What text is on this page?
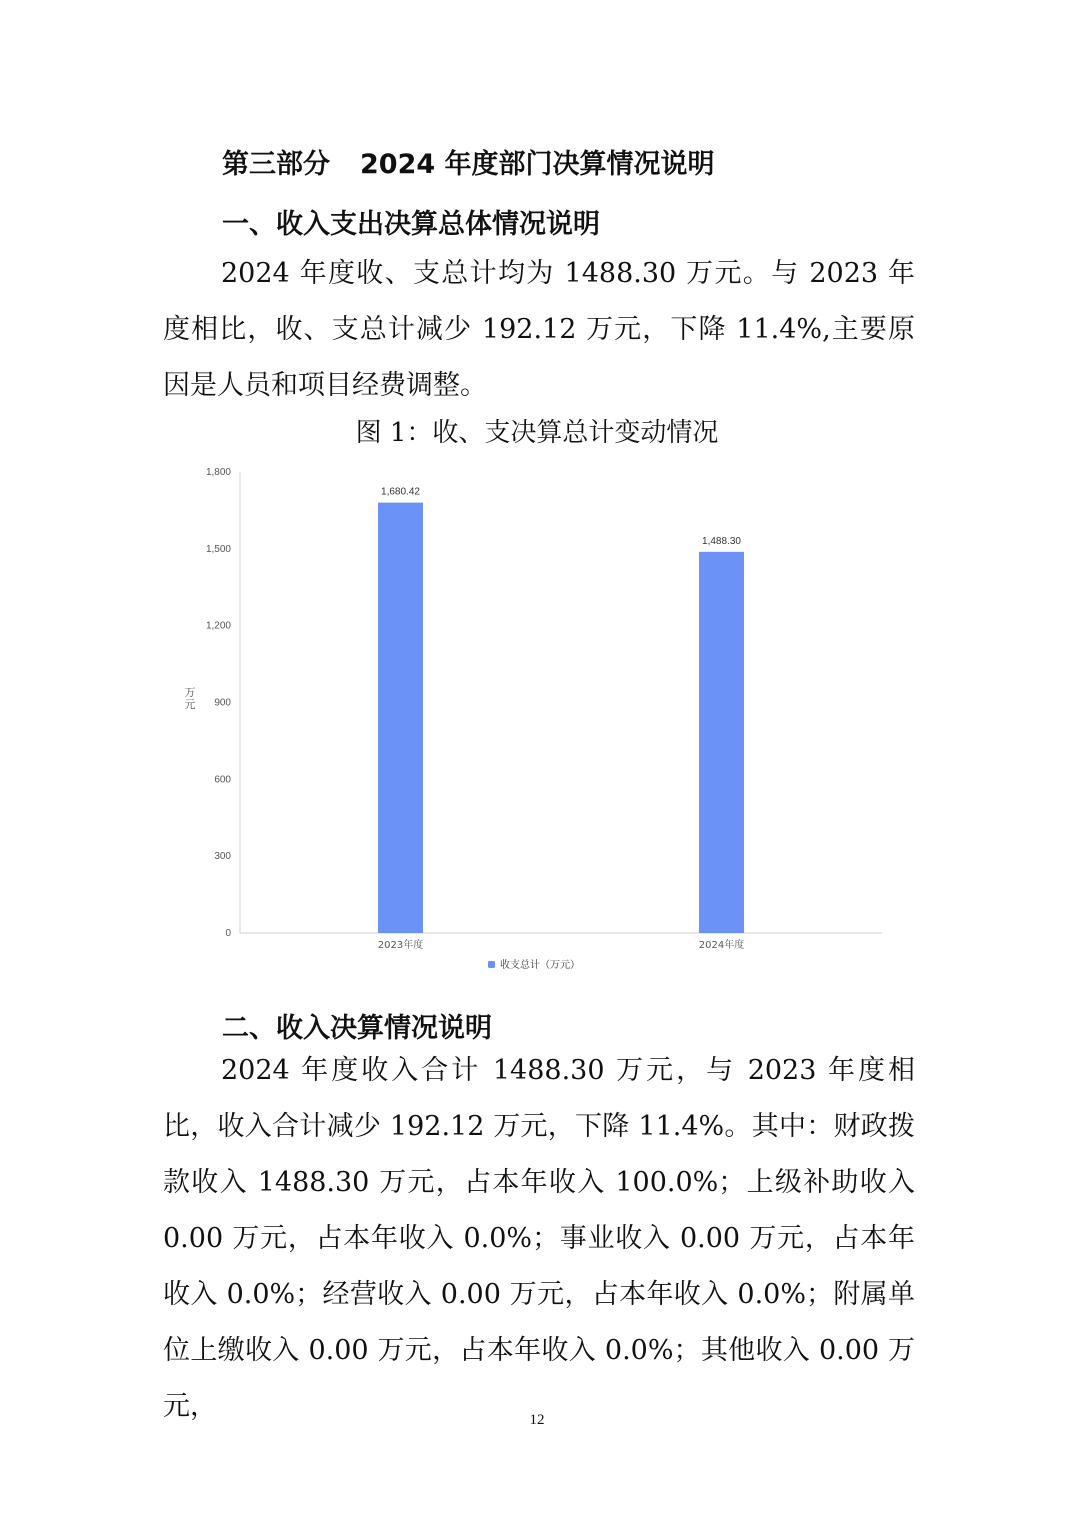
第三部分 2024 年度部门决算情况说明
一、收入支出决算总体情况说明

2024 年度收、支总计均为 1488.30 万元。与 2023 年度相比，收、支总计减少 192.12 万元，下降 11.4%,主要原因是人员和项目经费调整。

图 1：收、支决算总计变动情况
0
300
600
900
1,200
1,500
1,800
万
元
1,680.42
2023年度
1,488.30
2024年度
收支总计（万元）
二、收入决算情况说明

2024 年度收入合计 1488.30 万元，与 2023 年度相比，收入合计减少 192.12 万元，下降 11.4%。其中：财政拨款收入 1488.30 万元，占本年收入 100.0%；上级补助收入 0.00 万元，占本年收入 0.0%；事业收入 0.00 万元，占本年收入 0.0%；经营收入 0.00 万元，占本年收入 0.0%；附属单位上缴收入 0.00 万元，占本年收入 0.0%；其他收入 0.00 万元，	12
